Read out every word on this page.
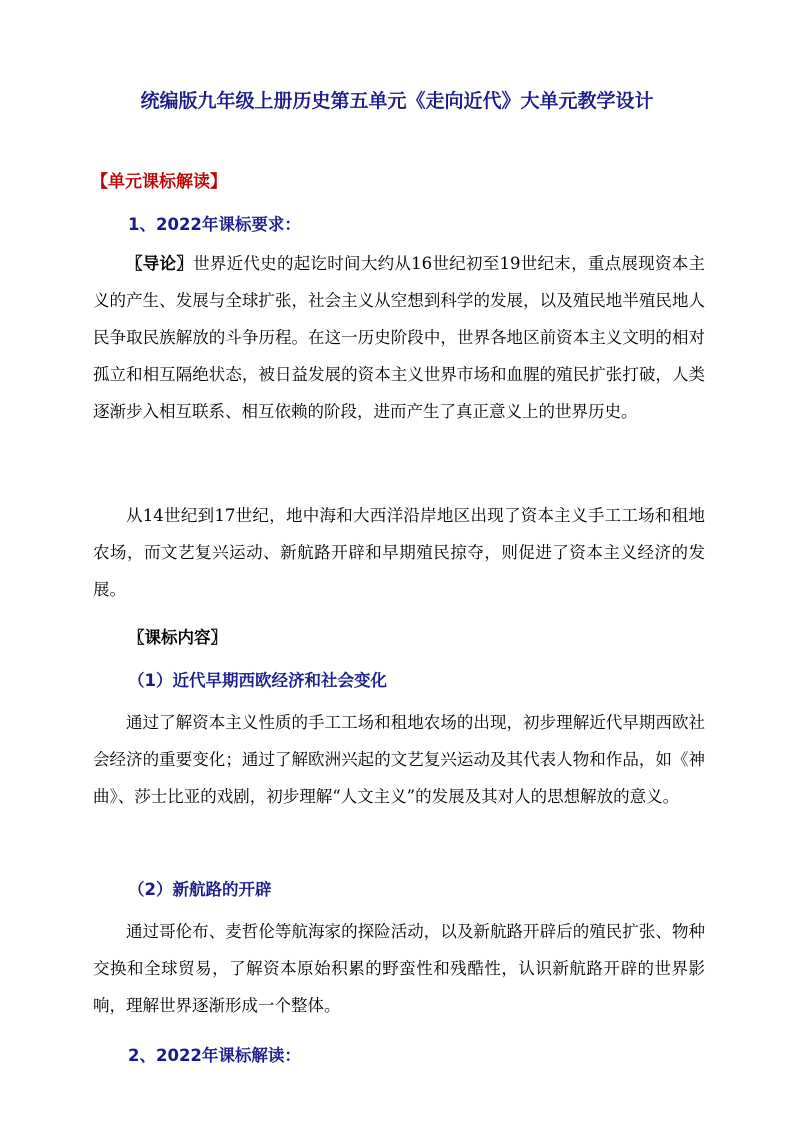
统编版九年级上册历史第五单元《走向近代》大单元教学设计
【单元课标解读】
1、2022年课标要求：
〖导论〗世界近代史的起讫时间大约从16世纪初至19世纪末，重点展现资本主义的产生、发展与全球扩张，社会主义从空想到科学的发展，以及殖民地半殖民地人民争取民族解放的斗争历程。在这一历史阶段中，世界各地区前资本主义文明的相对孤立和相互隔绝状态，被日益发展的资本主义世界市场和血腥的殖民扩张打破，人类逐渐步入相互联系、相互依赖的阶段，进而产生了真正意义上的世界历史。
从14世纪到17世纪，地中海和大西洋沿岸地区出现了资本主义手工工场和租地农场，而文艺复兴运动、新航路开辟和早期殖民掠夺，则促进了资本主义经济的发展。
〖课标内容〗
（1）近代早期西欧经济和社会变化
通过了解资本主义性质的手工工场和租地农场的出现，初步理解近代早期西欧社会经济的重要变化；通过了解欧洲兴起的文艺复兴运动及其代表人物和作品，如《神曲》、莎士比亚的戏剧，初步理解“人文主义”的发展及其对人的思想解放的意义。
（2）新航路的开辟
通过哥伦布、麦哲伦等航海家的探险活动，以及新航路开辟后的殖民扩张、物种交换和全球贸易，了解资本原始积累的野蛮性和残酷性，认识新航路开辟的世界影响，理解世界逐渐形成一个整体。
2、2022年课标解读：
